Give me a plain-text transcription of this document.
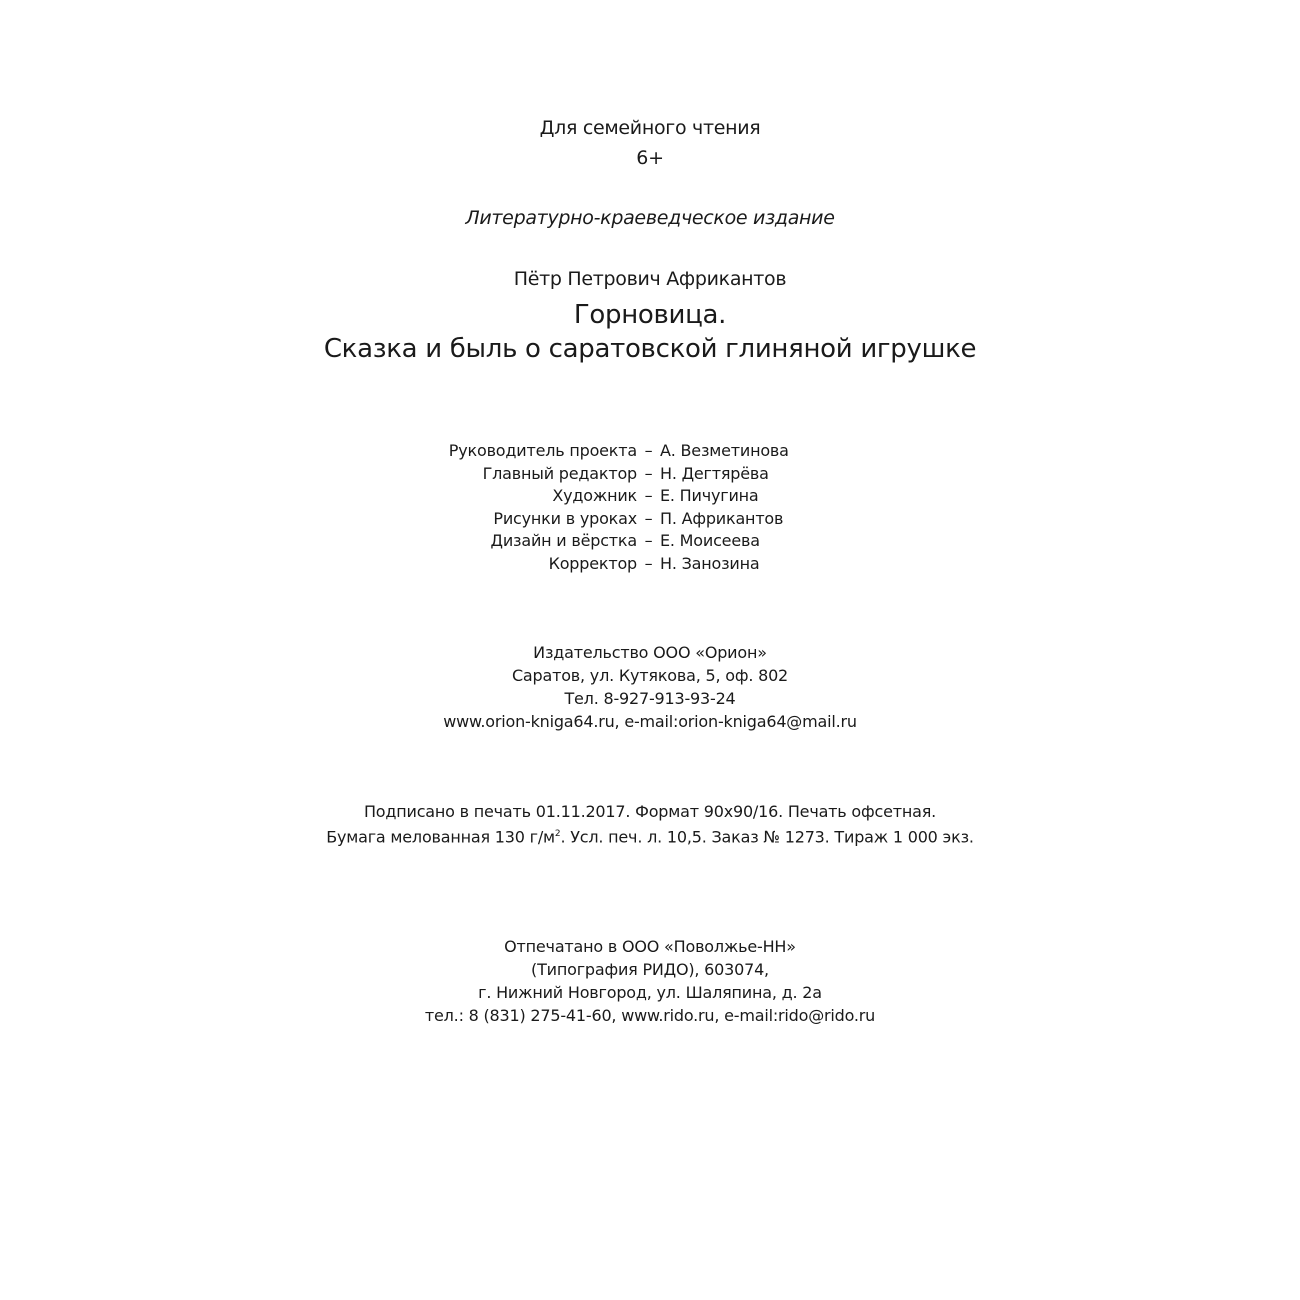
Для семейного чтения
6+
Литературно-краеведческое издание
Пётр Петрович Африкантов
Горновица.
Сказка и быль о саратовской глиняной игрушке
Руководитель проекта – А. Везметинова
Главный редактор – Н. Дегтярёва
Художник – Е. Пичугина
Рисунки в уроках – П. Африкантов
Дизайн и вёрстка – Е. Моисеева
Корректор – Н. Занозина
Издательство ООО «Орион»
Саратов, ул. Кутякова, 5, оф. 802
Тел. 8-927-913-93-24
www.orion-kniga64.ru, e-mail:orion-kniga64@mail.ru
Подписано в печать 01.11.2017. Формат 90х90/16. Печать офсетная.
Бумага мелованная 130 $г/м^2$. Усл. печ. л. 10,5. Заказ № 1273. Тираж 1 000 экз.
Отпечатано в ООО «Поволжье-НН»
(Типография РИДО), 603074,
г. Нижний Новгород, ул. Шаляпина, д. 2а
тел.: 8 (831) 275-41-60, www.rido.ru, e-mail:rido@rido.ru
